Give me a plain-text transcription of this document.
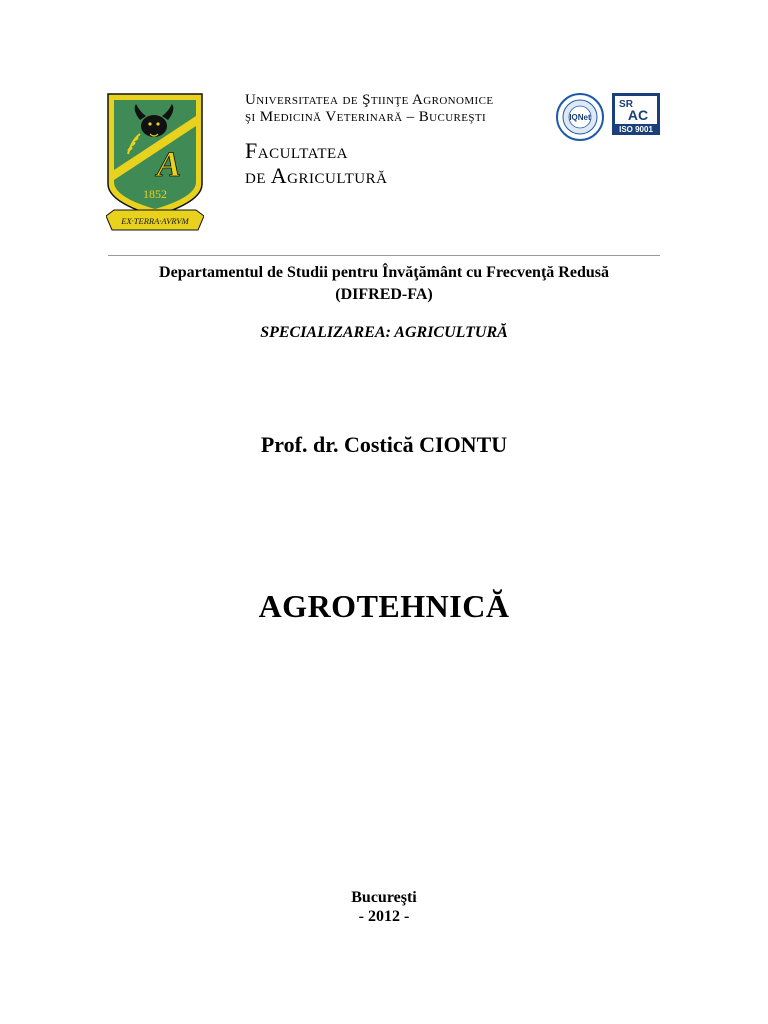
A
1852
EX·TERRA·AVRVM
Universitatea de Ştiinţe Agronomice
şi Medicină Veterinară – Bucureşti
Facultatea
de Agricultură
IQNet
SR
AC
ISO 9001
Departamentul de Studii pentru Învăţământ cu Frecvenţă Redusă
(DIFRED-FA)
SPECIALIZAREA: AGRICULTURĂ
Prof. dr. Costică CIONTU
AGROTEHNICĂ
Bucureşti
- 2012 -
